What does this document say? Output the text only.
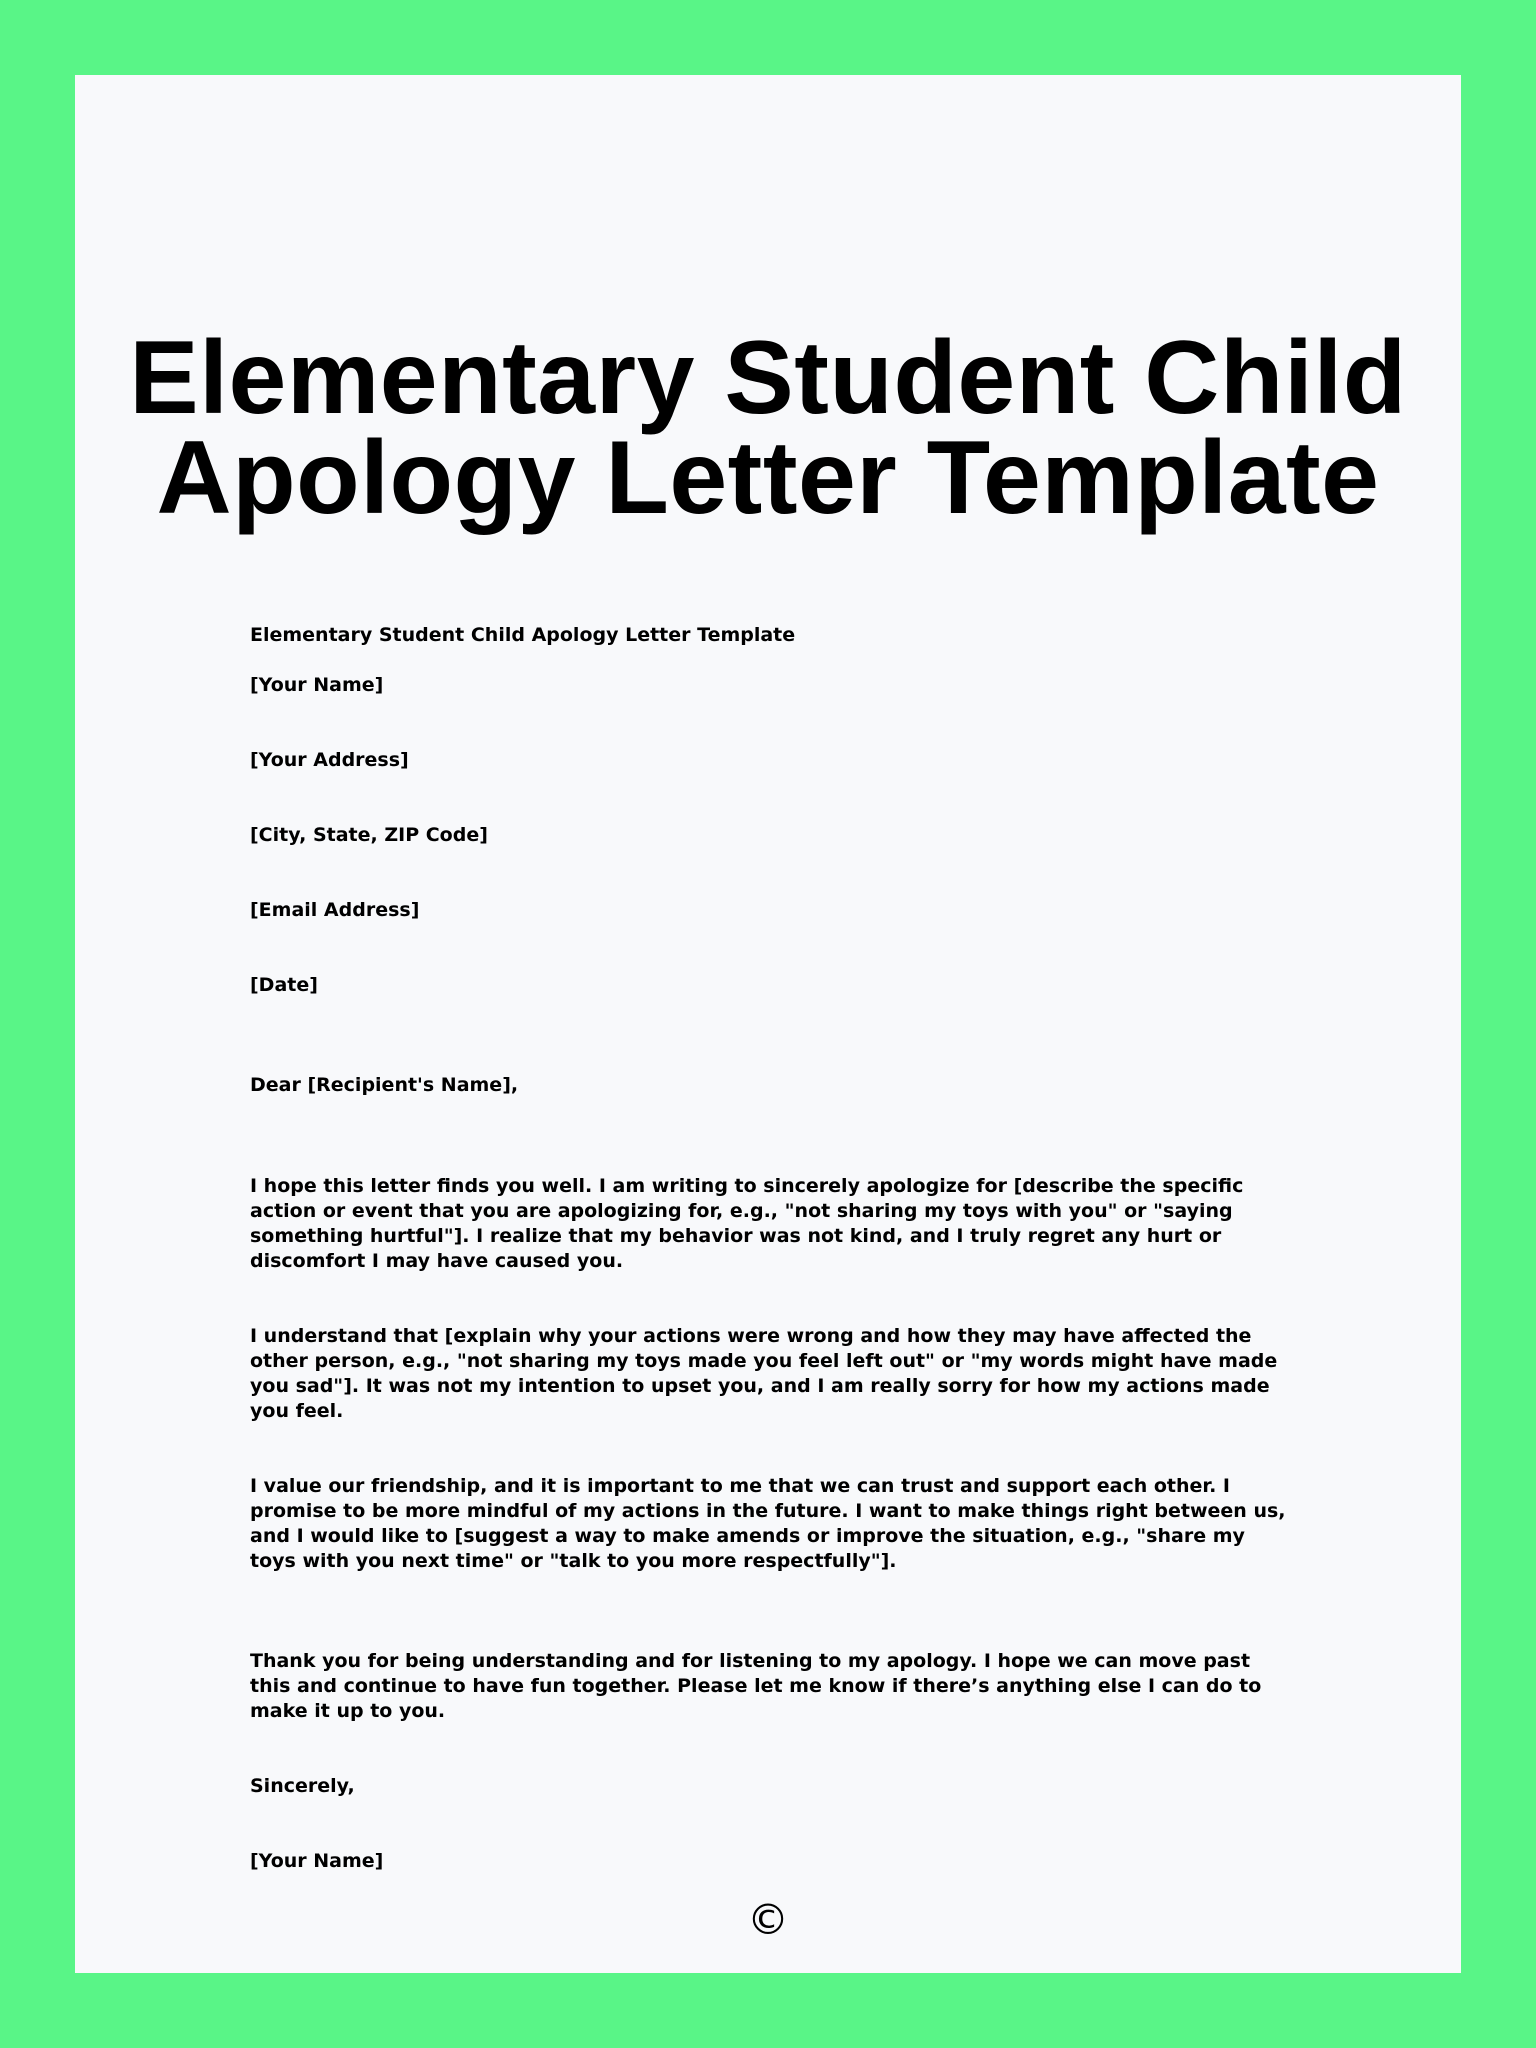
Elementary Student Child
Apology Letter Template
Elementary Student Child Apology Letter Template
[Your Name]
[Your Address]
[City, State, ZIP Code]
[Email Address]
[Date]
Dear [Recipient's Name],

I hope this letter finds you well. I am writing to sincerely apologize for [describe the specific action or event that you are apologizing for, e.g., "not sharing my toys with you" or "saying something hurtful"]. I realize that my behavior was not kind, and I truly regret any hurt or discomfort I may have caused you.

I understand that [explain why your actions were wrong and how they may have affected the other person, e.g., "not sharing my toys made you feel left out" or "my words might have made you sad"]. It was not my intention to upset you, and I am really sorry for how my actions made you feel.

I value our friendship, and it is important to me that we can trust and support each other. I promise to be more mindful of my actions in the future. I want to make things right between us, and I would like to [suggest a way to make amends or improve the situation, e.g., "share my toys with you next time" or "talk to you more respectfully"].

Thank you for being understanding and for listening to my apology. I hope we can move past this and continue to have fun together. Please let me know if there’s anything else I can do to make it up to you.

Sincerely,
[Your Name]
©
